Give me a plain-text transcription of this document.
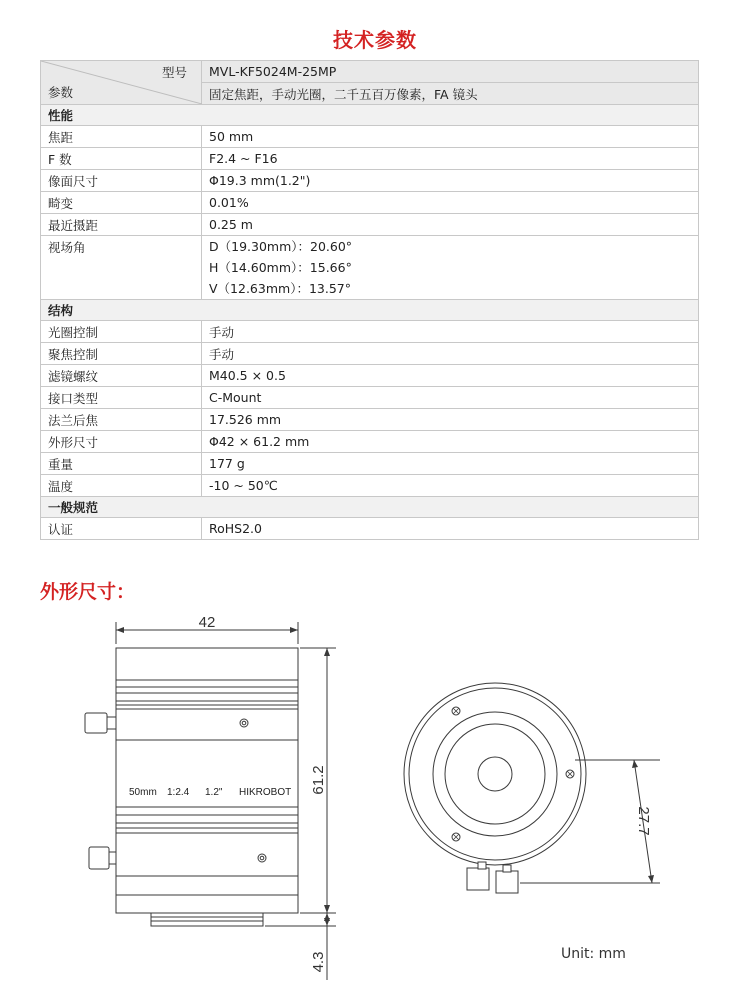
技术参数
型号
参数	MVL-KF5024M-25MP
	固定焦距，手动光圈，二千五百万像素，FA 镜头
性能	
焦距	50 mm
F 数	F2.4 ~ F16
像面尺寸	Φ19.3 mm(1.2")
畸变	0.01%
最近摄距	0.25 m
视场角	D（19.30mm）：20.60°
H（14.60mm）：15.66°
V（12.63mm）：13.57°

结构	
光圈控制	手动
聚焦控制	手动
滤镜螺纹	M40.5 × 0.5
接口类型	C-Mount
法兰后焦	17.526 mm
外形尺寸	Φ42 × 61.2 mm
重量	177 g
温度	-10 ~ 50℃
一般规范	
认证	RoHS2.0
外形尺寸：
42
61.2
4.3
27.7
50mm 1:2.4 1.2" HIKROBOT
Unit: mm
